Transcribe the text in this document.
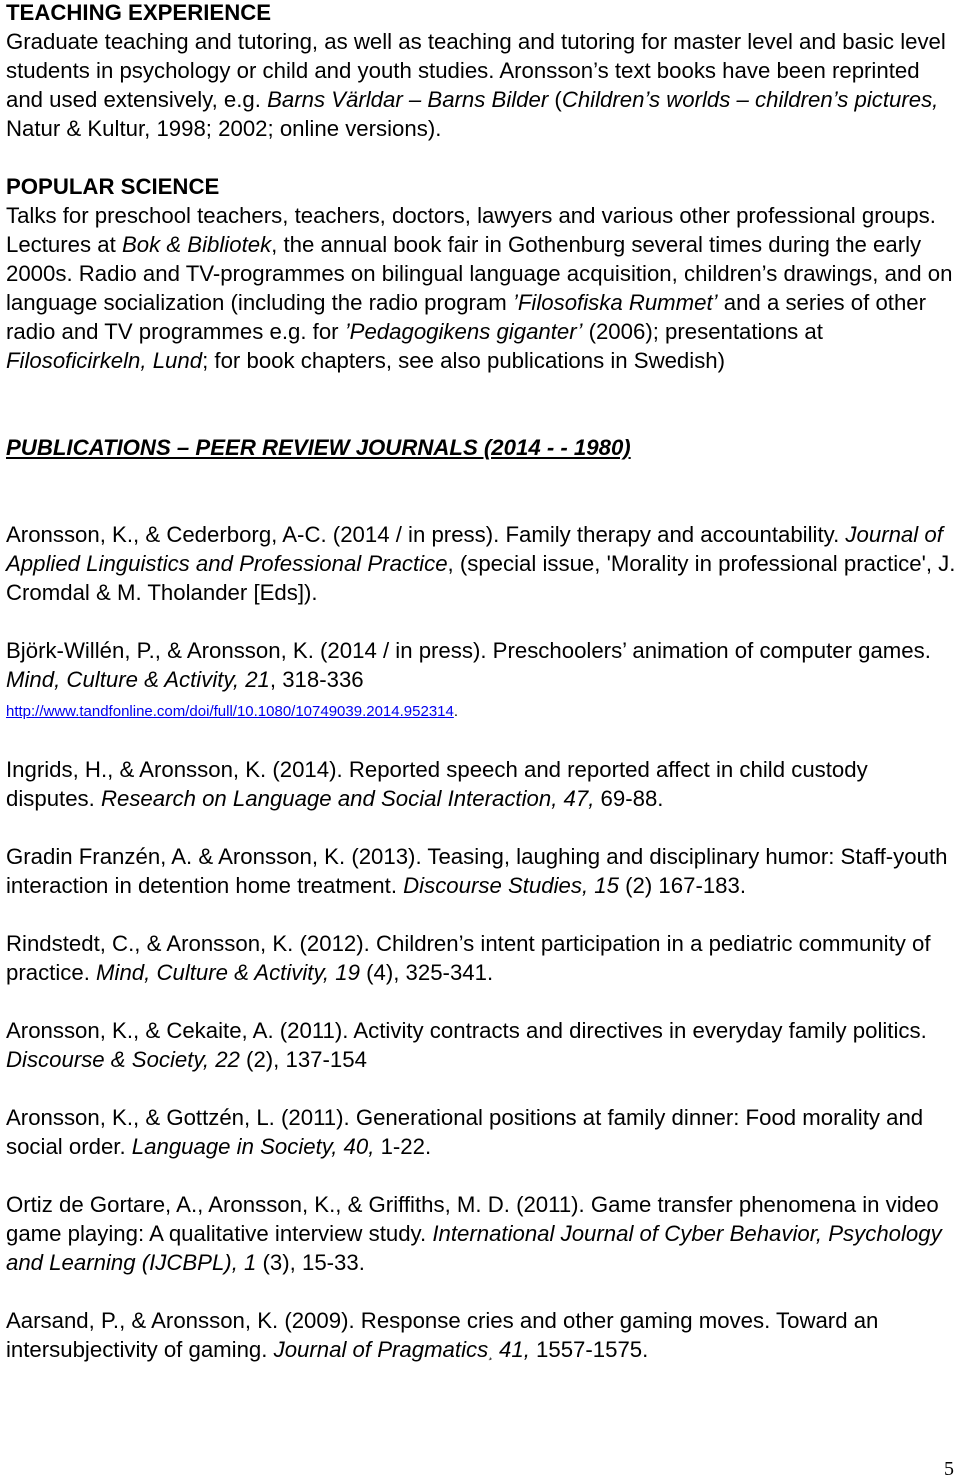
TEACHING EXPERIENCE

Graduate teaching and tutoring, as well as teaching and tutoring for master level and basic level students in psychology or child and youth studies. Aronsson’s text books have been reprinted and used extensively, e.g. Barns Världar – Barns Bilder (Children’s worlds – children’s pictures, Natur & Kultur, 1998; 2002; online versions).

POPULAR SCIENCE

Talks for preschool teachers, teachers, doctors, lawyers and various other professional groups. Lectures at Bok & Bibliotek, the annual book fair in Gothenburg several times during the early 2000s. Radio and TV-programmes on bilingual language acquisition, children’s drawings, and on language socialization (including the radio program ’Filosofiska Rummet’ and a series of other radio and TV programmes e.g. for ’Pedagogikens giganter’ (2006); presentations at Filosoficirkeln, Lund; for book chapters, see also publications in Swedish)

PUBLICATIONS – PEER REVIEW JOURNALS (2014 - - 1980)

Aronsson, K., & Cederborg, A-C. (2014 / in press). Family therapy and accountability. Journal of Applied Linguistics and Professional Practice, (special issue, 'Morality in professional practice', J. Cromdal & M. Tholander [Eds]).

Björk-Willén, P., & Aronsson, K. (2014 / in press). Preschoolers’ animation of computer games. Mind, Culture & Activity, 21, 318-336
http://www.tandfonline.com/doi/full/10.1080/10749039.2014.952314.

Ingrids, H., & Aronsson, K. (2014). Reported speech and reported affect in child custody disputes. Research on Language and Social Interaction, 47, 69-88.

Gradin Franzén, A. & Aronsson, K. (2013). Teasing, laughing and disciplinary humor: Staff-youth interaction in detention home treatment. Discourse Studies, 15 (2) 167-183.

Rindstedt, C., & Aronsson, K. (2012). Children’s intent participation in a pediatric community of practice. Mind, Culture & Activity, 19 (4), 325-341.

Aronsson, K., & Cekaite, A. (2011). Activity contracts and directives in everyday family politics. Discourse & Society, 22 (2), 137-154

Aronsson, K., & Gottzén, L. (2011). Generational positions at family dinner: Food morality and social order. Language in Society, 40, 1-22.

Ortiz de Gortare, A., Aronsson, K., & Griffiths, M. D. (2011). Game transfer phenomena in video game playing: A qualitative interview study. International Journal of Cyber Behavior, Psychology and Learning (IJCBPL), 1 (3), 15-33.

Aarsand, P., & Aronsson, K. (2009). Response cries and other gaming moves. Toward an intersubjectivity of gaming. Journal of Pragmatics¸ 41, 1557-1575.

5
